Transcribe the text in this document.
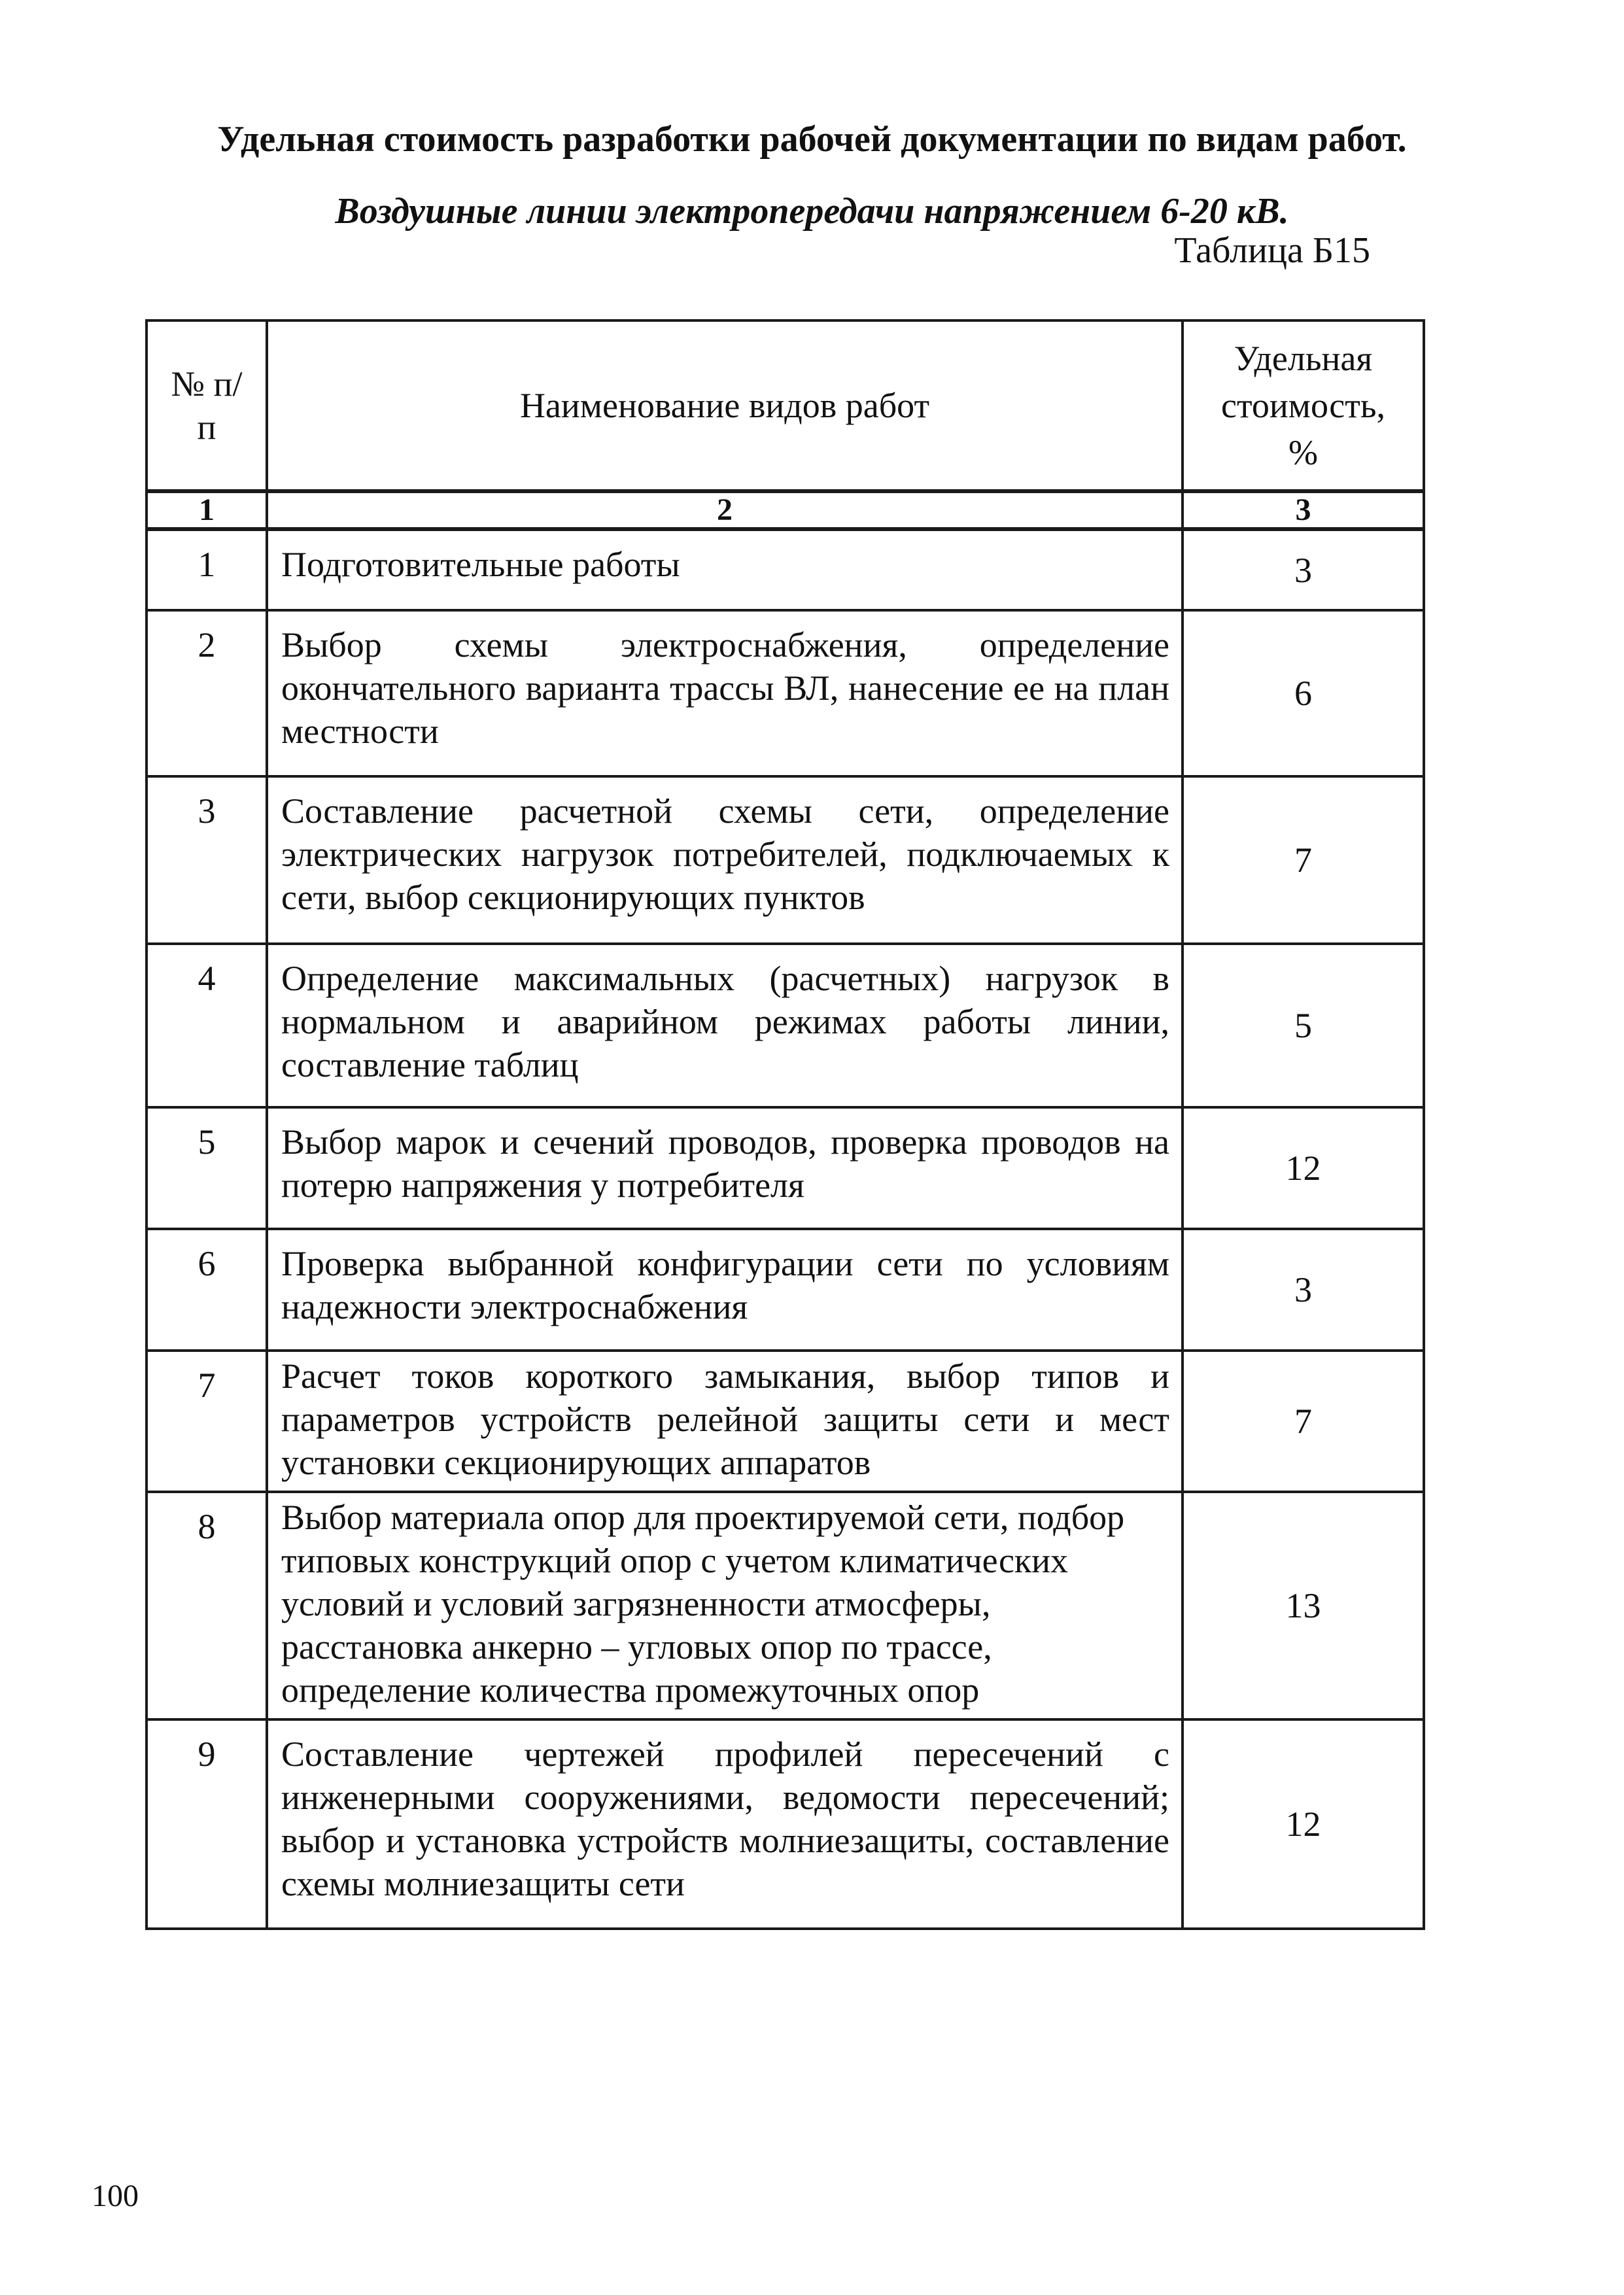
Удельная стоимость разработки рабочей документации по видам работ.
Воздушные линии электропередачи напряжением 6-20 кВ.
Таблица Б15
№ п/п	Наименование видов работ	Удельная
стоимость,
%

1	2	3
1	Подготовительные работы	3
2	Выбор схемы электроснабжения, определение окончательного варианта трассы ВЛ, нанесение ее на план местности	6
3	Составление расчетной схемы сети, определение электрических нагрузок потребителей, подключаемых к сети, выбор секционирующих пунктов	7
4	Определение максимальных (расчетных) нагрузок в нормальном и аварийном режимах работы линии, составление таблиц	5
5	Выбор марок и сечений проводов, проверка проводов на потерю напряжения у потребителя	12
6	Проверка выбранной конфигурации сети по условиям надежности электроснабжения	3
7	Расчет токов короткого замыкания, выбор типов и параметров устройств релейной защиты сети и мест установки секционирующих аппаратов	7
8	Выбор материала опор для проектируемой сети, подбор типовых конструкций опор с учетом климатических условий и условий загрязненности атмосферы, расстановка анкерно – угловых опор по трассе, определение количества промежуточных опор	13
9	Составление чертежей профилей пересечений с инженерными сооружениями, ведомости пересечений; выбор и установка устройств молниезащиты, составление схемы молниезащиты сети	12
100
